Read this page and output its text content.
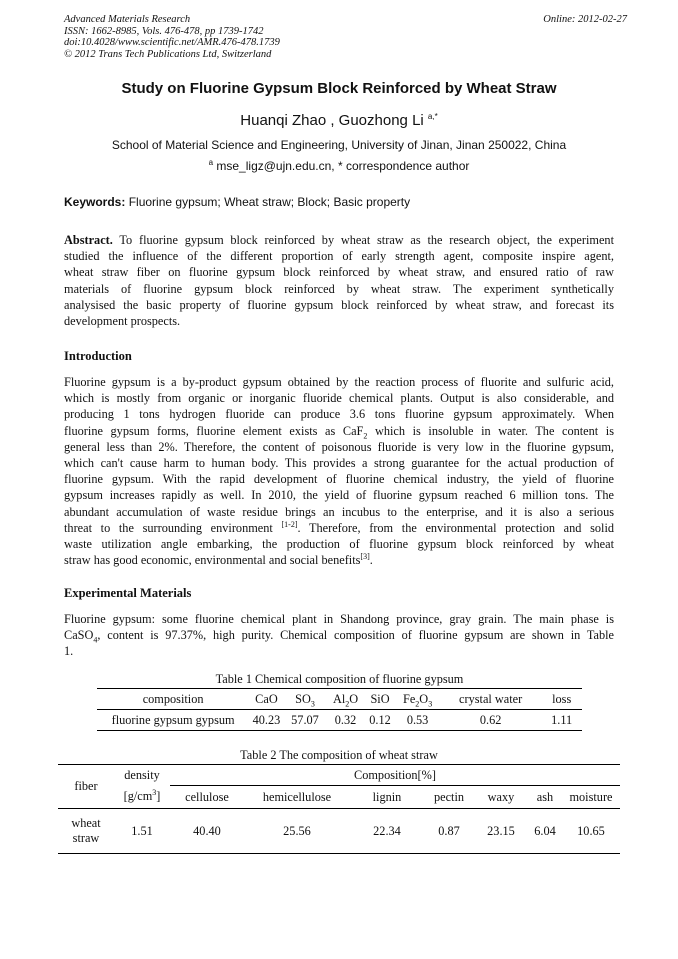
Advanced Materials Research
ISSN: 1662-8985, Vols. 476-478, pp 1739-1742
doi:10.4028/www.scientific.net/AMR.476-478.1739
© 2012 Trans Tech Publications Ltd, Switzerland
Online: 2012-02-27
Study on Fluorine Gypsum Block Reinforced by Wheat Straw
Huanqi Zhao , Guozhong Li $^{a,*}$
School of Material Science and Engineering, University of Jinan, Jinan 250022, China
$^a$ mse_ligz@ujn.edu.cn, * correspondence author
Keywords: Fluorine gypsum; Wheat straw; Block; Basic property
Abstract. To fluorine gypsum block reinforced by wheat straw as the research object, the experiment
studied the influence of the different proportion of early strength agent, composite inspire agent,
wheat straw fiber on fluorine gypsum block reinforced by wheat straw, and ensured ratio of raw
materials of fluorine gypsum block reinforced by wheat straw. The experiment synthetically
analysised the basic property of fluorine gypsum block reinforced by wheat straw, and forecast its
development prospects.
Introduction
Fluorine gypsum is a by-product gypsum obtained by the reaction process of fluorite and sulfuric acid,
which is mostly from organic or inorganic fluoride chemical plants. Output is also considerable, and
producing 1 tons hydrogen fluoride can produce 3.6 tons fluorine gypsum approximately. When
fluorine gypsum forms, fluorine element exists as CaF$_2$ which is insoluble in water. The content is
general less than 2%. Therefore, the content of poisonous fluoride is very low in the fluorine gypsum,
which can't cause harm to human body. This provides a strong guarantee for the actual production of
fluorine gypsum. With the rapid development of fluorine chemical industry, the yield of fluorine
gypsum increases rapidly as well. In 2010, the yield of fluorine gypsum reached 6 million tons. The
abundant accumulation of waste residue brings an incubus to the enterprise, and it is also a serious
threat to the surrounding environment [1-2]. Therefore, from the environmental protection and solid
waste utilization angle embarking, the production of fluorine gypsum block reinforced by wheat
straw has good economic, environmental and social benefits[3].
Experimental Materials
Fluorine gypsum: some fluorine chemical plant in Shandong province, gray grain. The main phase is
CaSO$_4$, content is 97.37%, high purity. Chemical composition of fluorine gypsum are shown in Table
1.
Table 1 Chemical composition of fluorine gypsum
composition	CaO	$SO_3$	$Al_2O$	SiO	$Fe_2O_3$	crystal water	loss
fluorine gypsum gypsum	40.23	57.07	0.32	0.12	0.53	0.62	1.11
Table 2 The composition of wheat straw
fiber	density	Composition[%]						
	$[g/cm^3]$	cellulose	hemicellulose	lignin	pectin	waxy	ash	moisture

wheat
straw	1.51	40.40	25.56	22.34	0.87	23.15	6.04	10.65
